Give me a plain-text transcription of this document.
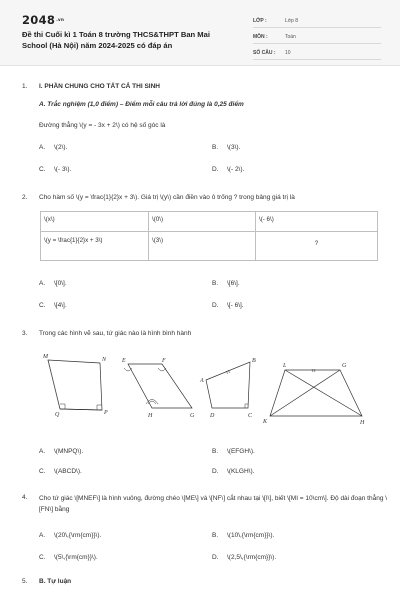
$2048^{.vn}$
Đề thi Cuối kì 1 Toán 8 trường THCS&THPT Ban Mai School (Hà Nội) năm 2024-2025 có đáp án
LỚP :	Lớp 8
MÔN :	Toán
SỐ CÂU :	10
1. I. PHẦN CHUNG CHO TẤT CẢ THI SINH
A. Trắc nghiệm (1,0 điểm) – Điểm mỗi câu trả lời đúng là 0,25 điểm
Đường thẳng \(y = - 3x + 2\) có hệ số góc là
A. \(2\).	B. \(3\).
C. \(- 3\).	D. \(- 2\).
2. Cho hàm số \(y = \frac{1}{2}x + 3\). Giá trị \(y\) cần điền vào ô trống ? trong bảng giá trị là
\(x\)	\(0\)	\(- 6\)
\(y = \frac{1}{2}x + 3\)	\(3\)	?
A. \[0\].	B. \[6\].
C. \[4\].	D. \[- 6\].
3. Trong các hình vẽ sau, tứ giác nào là hình bình hành
M	N
Q	P
E	F
H	G
B
A
D	C
L	G
K	H
A. \(MNPQ\).	B. \(EFGH\).
C. \(ABCD\).	D. \(KLGH\).
4. Cho tứ giác \[MNEF\] là hình vuông, đường chéo \[ME\] và \[NF\] cắt nhau tại \[I\], biết \[MI = 10\cm\]. Độ dài đoạn thẳng \[FN\] bằng
A. \(20\,{\rm{cm}}\).	B. \(10\,{\rm{cm}}\).
C. \(5\,{\rm{cm}}\).	D. \(2,5\,{\rm{cm}}\).
5. B. Tự luận
